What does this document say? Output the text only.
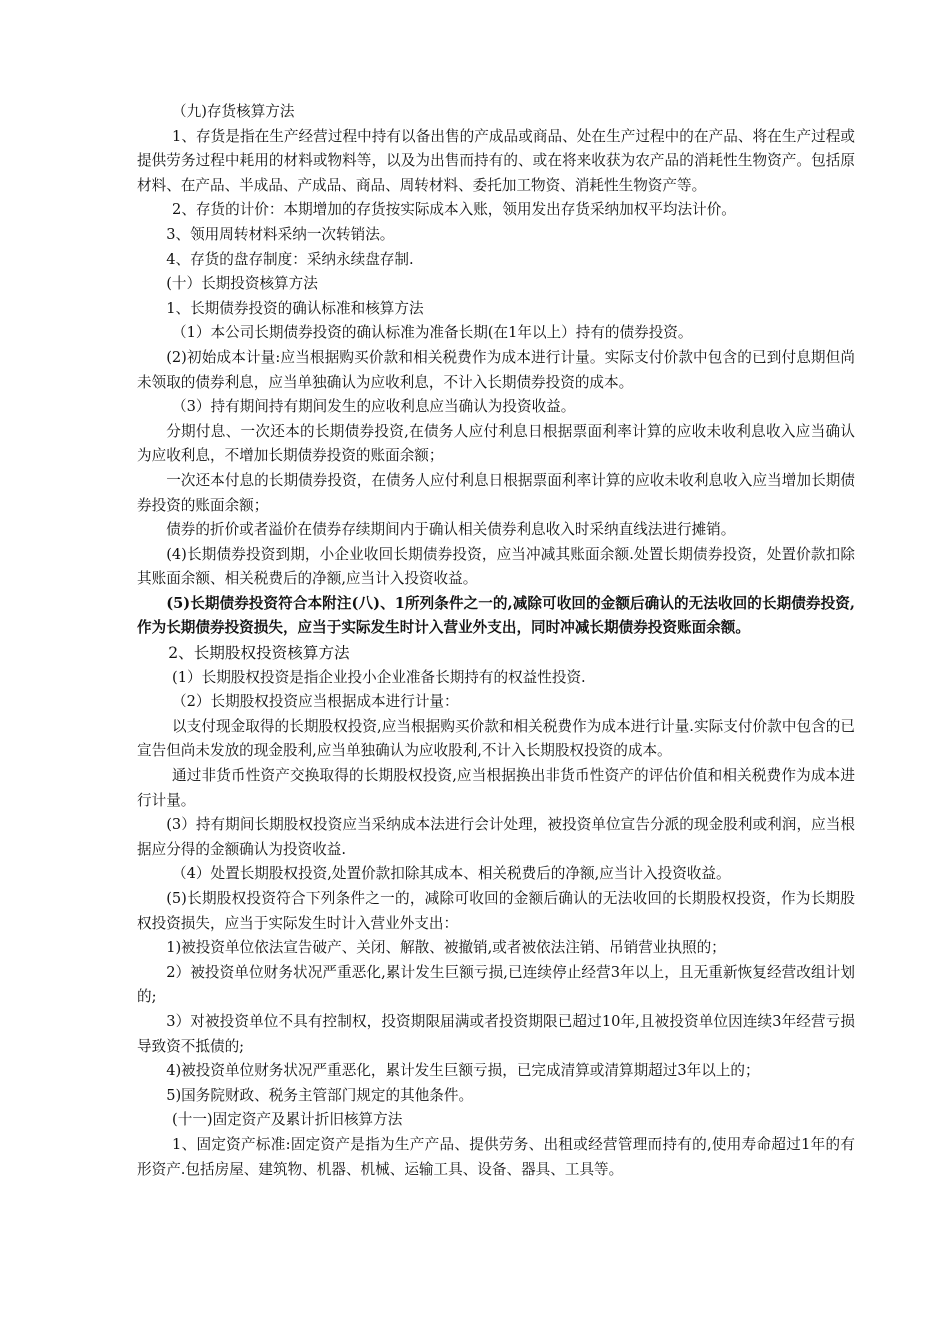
（九)存货核算方法

1、存货是指在生产经营过程中持有以备出售的产成品或商品、处在生产过程中的在产品、将在生产过程或提供劳务过程中耗用的材料或物料等，以及为出售而持有的、或在将来收获为农产品的消耗性生物资产。包括原材料、在产品、半成品、产成品、商品、周转材料、委托加工物资、消耗性生物资产等。

2、存货的计价：本期增加的存货按实际成本入账，领用发出存货采纳加权平均法计价。

3、领用周转材料采纳一次转销法。

4、存货的盘存制度：采纳永续盘存制.

(十）长期投资核算方法

1、长期债券投资的确认标准和核算方法

（1）本公司长期债券投资的确认标准为准备长期(在1年以上）持有的债券投资。

(2)初始成本计量:应当根据购买价款和相关税费作为成本进行计量。实际支付价款中包含的已到付息期但尚未领取的债券利息，应当单独确认为应收利息，不计入长期债券投资的成本。

（3）持有期间持有期间发生的应收利息应当确认为投资收益。

分期付息、一次还本的长期债券投资,在债务人应付利息日根据票面利率计算的应收未收利息收入应当确认为应收利息，不增加长期债券投资的账面余额；

一次还本付息的长期债券投资，在债务人应付利息日根据票面利率计算的应收未收利息收入应当增加长期债券投资的账面余额；

债券的折价或者溢价在债券存续期间内于确认相关债券利息收入时采纳直线法进行摊销。

(4)长期债券投资到期，小企业收回长期债券投资，应当冲减其账面余额.处置长期债券投资，处置价款扣除其账面余额、相关税费后的净额,应当计入投资收益。

(5)长期债券投资符合本附注(八)、1所列条件之一的,减除可收回的金额后确认的无法收回的长期债券投资,作为长期债券投资损失，应当于实际发生时计入营业外支出，同时冲减长期债券投资账面余额。

2、长期股权投资核算方法

(1）长期股权投资是指企业投小企业准备长期持有的权益性投资.

（2）长期股权投资应当根据成本进行计量：

以支付现金取得的长期股权投资,应当根据购买价款和相关税费作为成本进行计量.实际支付价款中包含的已宣告但尚未发放的现金股利,应当单独确认为应收股利,不计入长期股权投资的成本。

通过非货币性资产交换取得的长期股权投资,应当根据换出非货币性资产的评估价值和相关税费作为成本进行计量。

(3）持有期间长期股权投资应当采纳成本法进行会计处理，被投资单位宣告分派的现金股利或利润，应当根据应分得的金额确认为投资收益.

（4）处置长期股权投资,处置价款扣除其成本、相关税费后的净额,应当计入投资收益。

(5)长期股权投资符合下列条件之一的，减除可收回的金额后确认的无法收回的长期股权投资，作为长期股权投资损失，应当于实际发生时计入营业外支出：

1)被投资单位依法宣告破产、关闭、解散、被撤销,或者被依法注销、吊销营业执照的；

2）被投资单位财务状况严重恶化,累计发生巨额亏损,已连续停止经营3年以上，且无重新恢复经营改组计划的;

3）对被投资单位不具有控制权，投资期限届满或者投资期限已超过10年,且被投资单位因连续3年经营亏损导致资不抵债的;

4)被投资单位财务状况严重恶化，累计发生巨额亏损，已完成清算或清算期超过3年以上的；

5)国务院财政、税务主管部门规定的其他条件。

(十一)固定资产及累计折旧核算方法

1、固定资产标准:固定资产是指为生产产品、提供劳务、出租或经营管理而持有的,使用寿命超过1年的有形资产.包括房屋、建筑物、机器、机械、运输工具、设备、器具、工具等。
